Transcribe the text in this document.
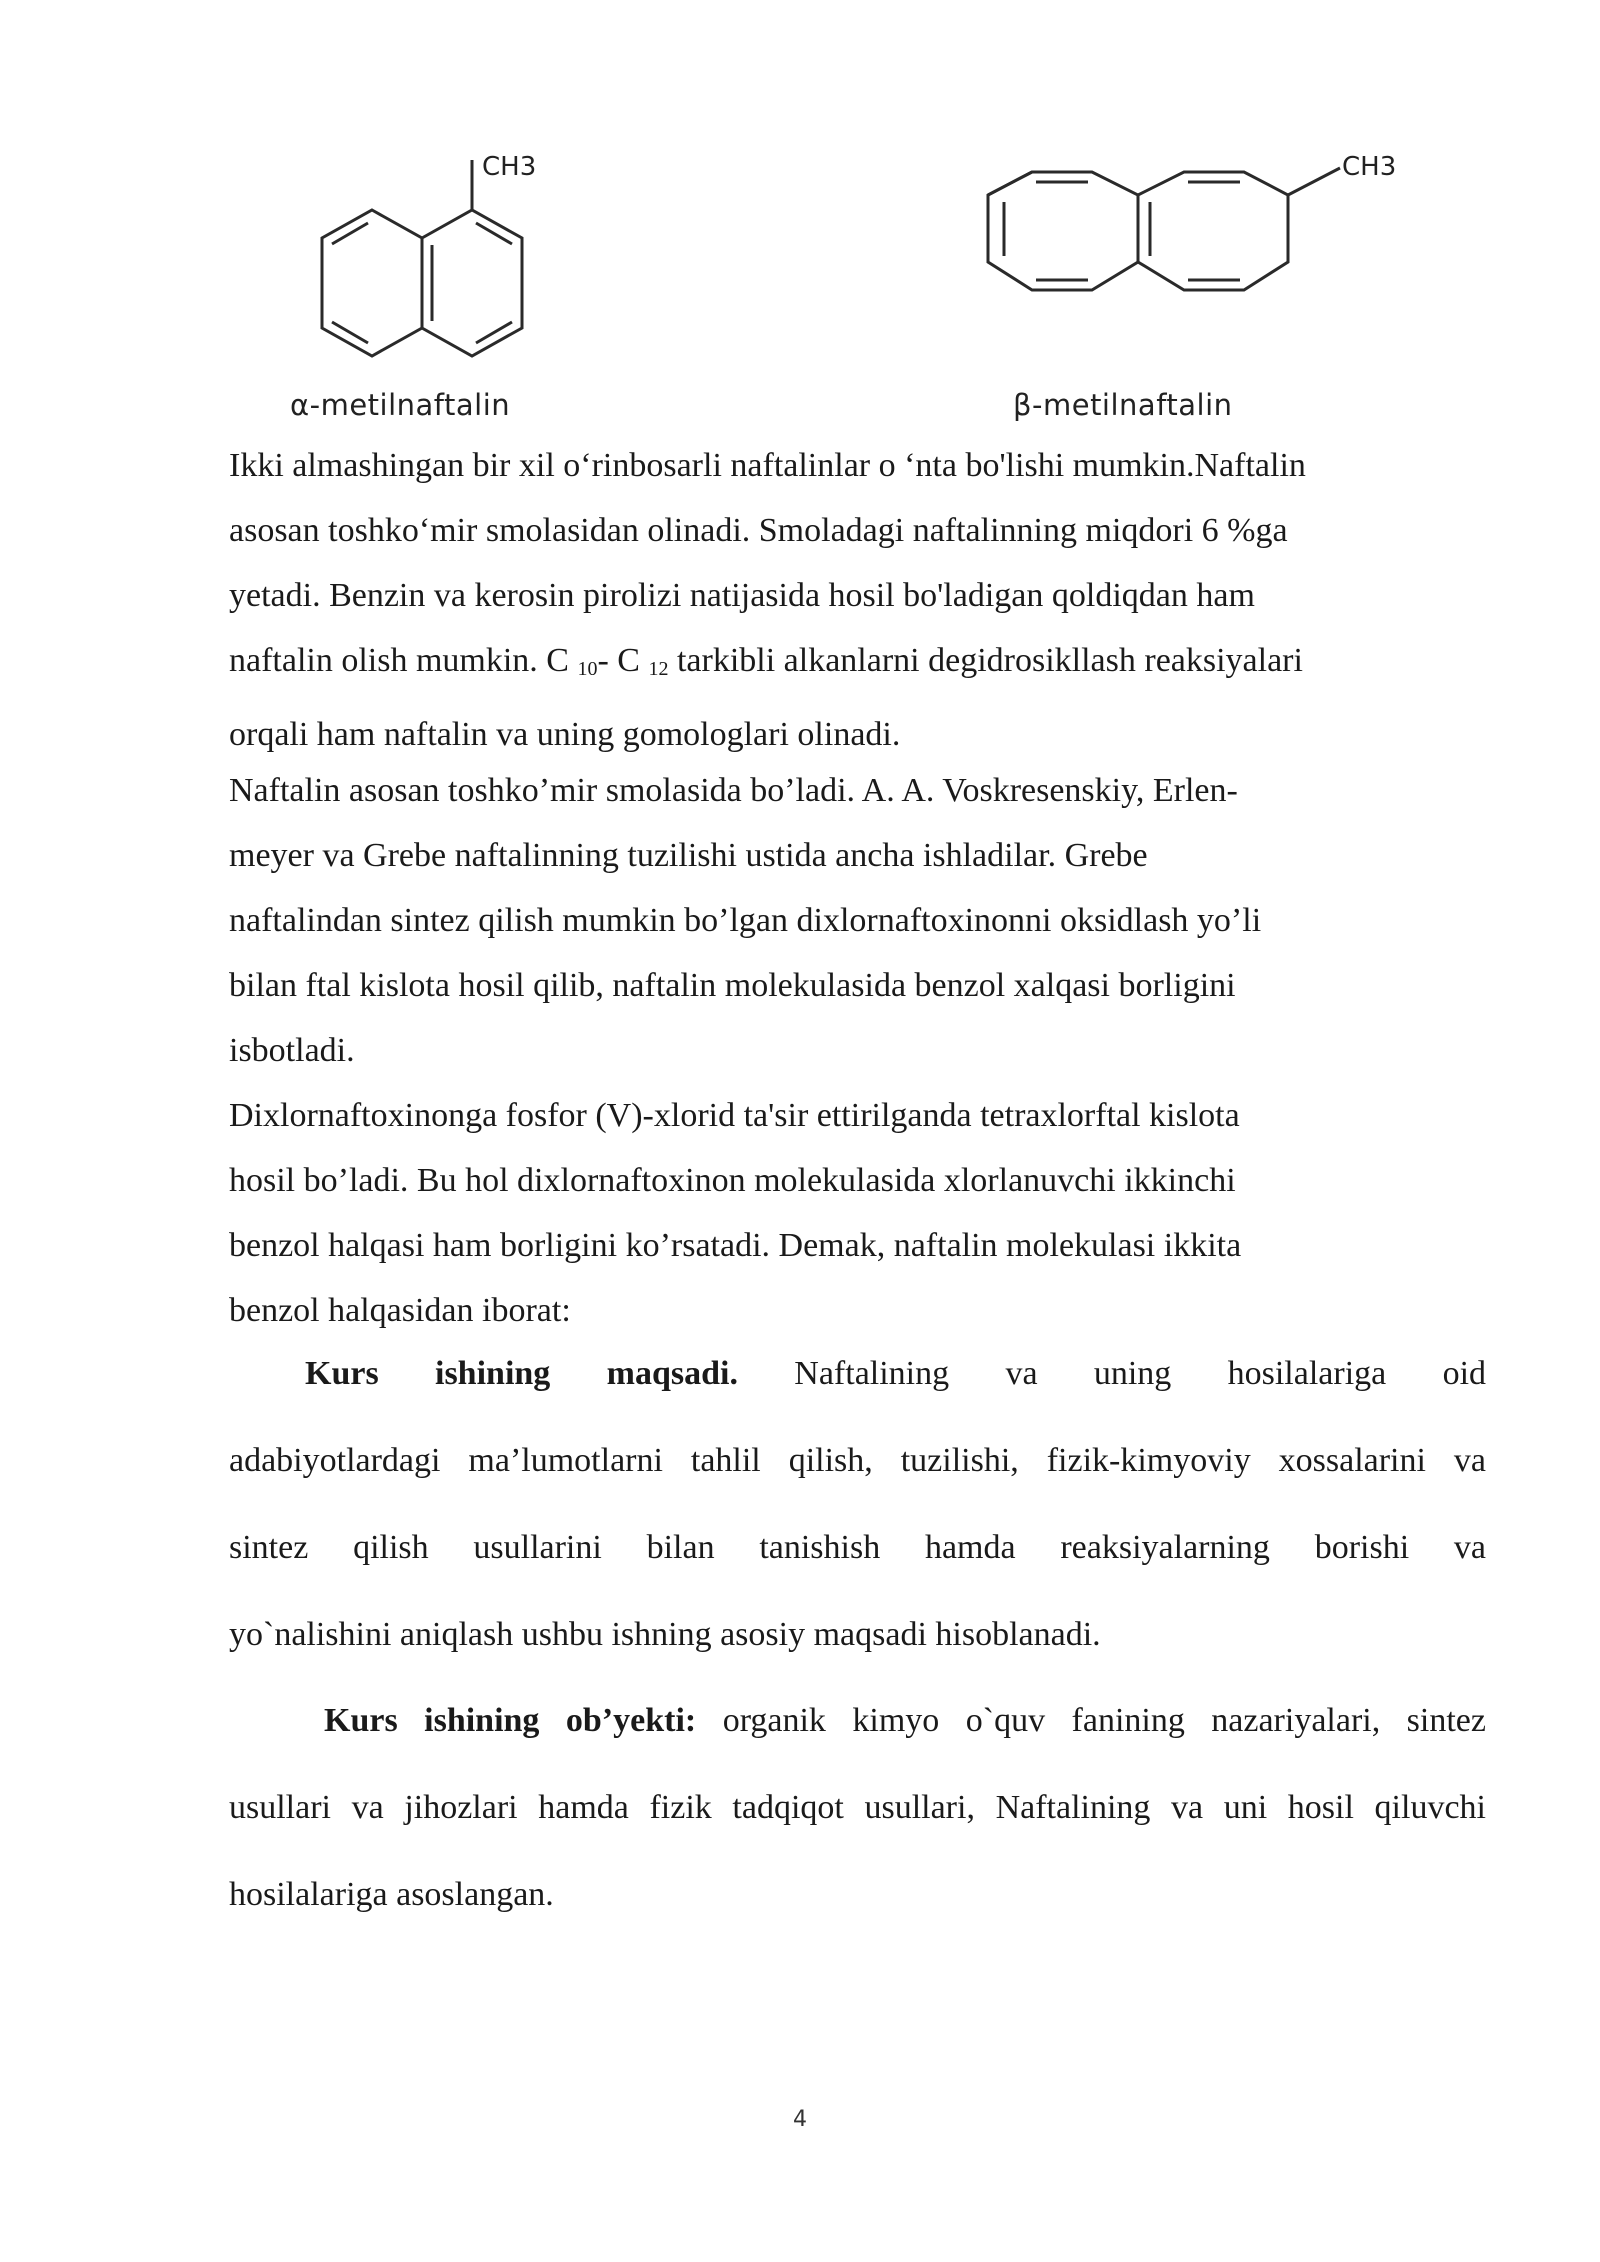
CH3
α-metilnaftalin
CH3
β-metilnaftalin
Ikki almashingan bir xil o‘rinbosarli naftalinlar o ‘nta bo'lishi mumkin.Naftalin
asosan toshko‘mir smolasidan olinadi. Smoladagi naftalinning miqdori 6 %ga
yetadi. Benzin va kerosin pirolizi natijasida hosil bo'ladigan qoldiqdan ham
naftalin olish mumkin. C $_{10}$- C $_{12}$ tarkibli alkanlarni degidrosikllash reaksiyalari
orqali ham naftalin va uning gomologlari olinadi.
Naftalin asosan toshko’mir smolasida bo’ladi. A. A. Voskresenskiy, Erlen-
meyer va Grebe naftalinning tuzilishi ustida ancha ishladilar. Grebe
naftalindan sintez qilish mumkin bo’lgan dixlornaftoxinonni oksidlash yo’li
bilan ftal kislota hosil qilib, naftalin molekulasida benzol xalqasi borligini
isbotladi.
Dixlornaftoxinonga fosfor (V)-xlorid ta'sir ettirilganda tetraxlorftal kislota
hosil bo’ladi. Bu hol dixlornaftoxinon molekulasida xlorlanuvchi ikkinchi
benzol halqasi ham borligini ko’rsatadi. Demak, naftalin molekulasi ikkita
benzol halqasidan iborat:
Kurs ishining maqsadi. Naftalining va uning hosilalariga oid
adabiyotlardagi ma’lumotlarni tahlil qilish, tuzilishi, fizik-kimyoviy xossalarini va
sintez qilish usullarini bilan tanishish hamda reaksiyalarning borishi va
yo`nalishini aniqlash ushbu ishning asosiy maqsadi hisoblanadi.
Kurs ishining ob’yekti: organik kimyo o`quv fanining nazariyalari, sintez
usullari va jihozlari hamda fizik tadqiqot usullari, Naftalining va uni hosil qiluvchi
hosilalariga asoslangan.
4
